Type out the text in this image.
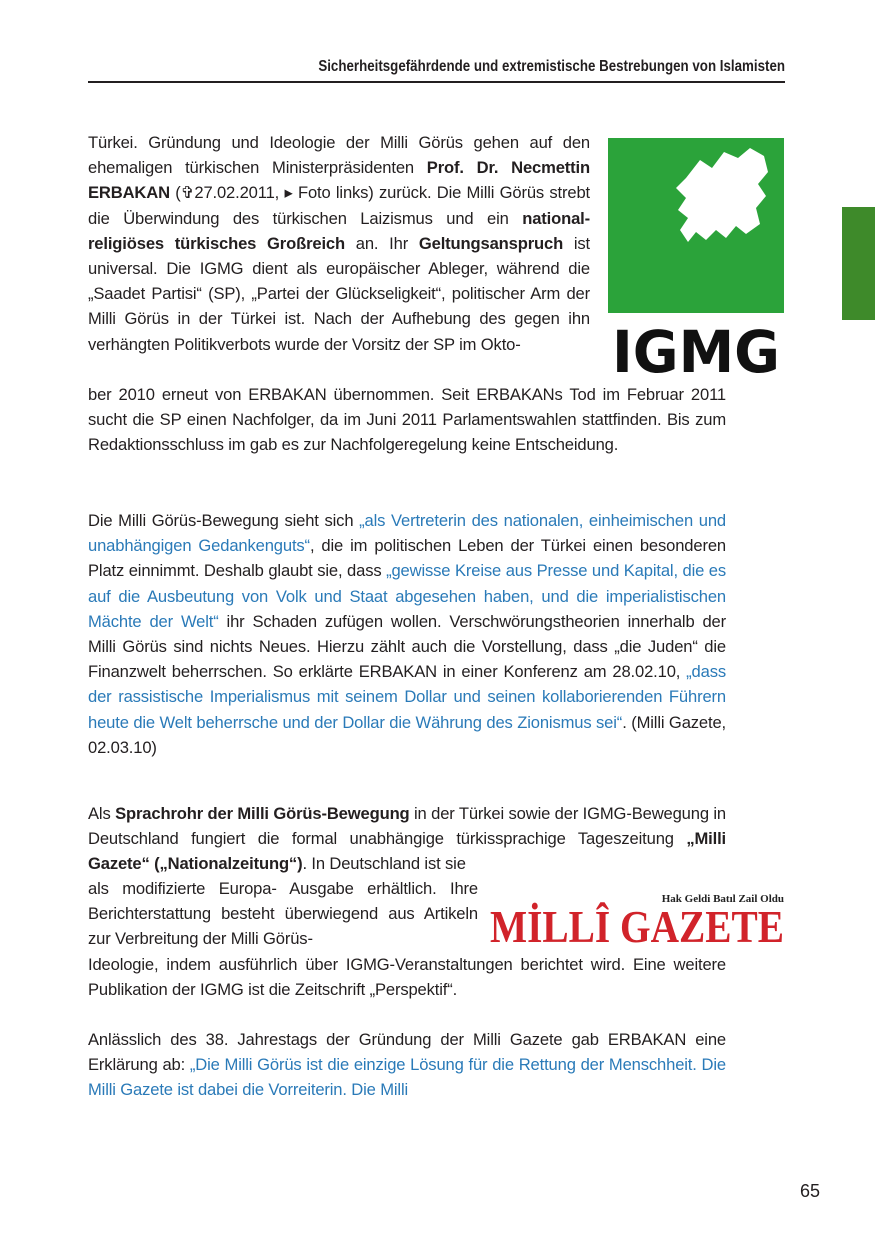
Sicherheitsgefährdende und extremistische Bestrebungen von Islamisten

Türkei. Gründung und Ideologie der Milli Görüs gehen auf den ehemaligen türkischen Ministerpräsidenten Prof. Dr. Necmettin ERBAKAN (✞27.02.2011, ▸ Foto links) zurück. Die Milli Görüs strebt die Überwindung des türkischen Laizismus und ein national-religiöses türkisches Großreich an. Ihr Geltungsanspruch ist universal. Die IGMG dient als europäischer Ableger, während die „Saadet Partisi“ (SP), „Partei der Glückseligkeit“, politischer Arm der Milli Görüs in der Türkei ist. Nach der Aufhebung des gegen ihn verhängten Politikverbots wurde der Vorsitz der SP im Okto-

ber 2010 erneut von ERBAKAN übernommen. Seit ERBAKANs Tod im Februar 2011 sucht die SP einen Nachfolger, da im Juni 2011 Parlamentswahlen stattfinden. Bis zum Redaktionsschluss im gab es zur Nachfolgeregelung keine Entscheidung.

IGMG

Die Milli Görüs-Bewegung sieht sich „als Vertreterin des nationalen, einheimischen und unabhängigen Gedankenguts“, die im politischen Leben der Türkei einen besonderen Platz einnimmt. Deshalb glaubt sie, dass „gewisse Kreise aus Presse und Kapital, die es auf die Ausbeutung von Volk und Staat abgesehen haben, und die imperialistischen Mächte der Welt“ ihr Schaden zufügen wollen. Verschwörungstheorien innerhalb der Milli Görüs sind nichts Neues. Hierzu zählt auch die Vorstellung, dass „die Juden“ die Finanzwelt beherrschen. So erklärte ERBAKAN in einer Konferenz am 28.02.10, „dass der rassistische Imperialismus mit seinem Dollar und seinen kollaborierenden Führern heute die Welt beherrsche und der Dollar die Währung des Zionismus sei“. (Milli Gazete, 02.03.10)

Als Sprachrohr der Milli Görüs-Bewegung in der Türkei sowie der IGMG-Bewegung in Deutschland fungiert die formal unabhängige türkissprachige Tageszeitung „Milli Gazete“ („Nationalzeitung“). In Deutschland ist sie

als modifizierte Europa- Ausgabe erhältlich. Ihre Berichterstattung besteht überwiegend aus Artikeln zur Verbreitung der Milli Görüs-

Ideologie, indem ausführlich über IGMG-Veranstaltungen berichtet wird. Eine weitere Publikation der IGMG ist die Zeitschrift „Perspektif“.

Hak Geldi Batıl Zail Oldu
MİLLÎ GAZETE

Anlässlich des 38. Jahrestags der Gründung der Milli Gazete gab ERBAKAN eine Erklärung ab: „Die Milli Görüs ist die einzige Lösung für die Rettung der Menschheit. Die Milli Gazete ist dabei die Vorreiterin. Die Milli

65
